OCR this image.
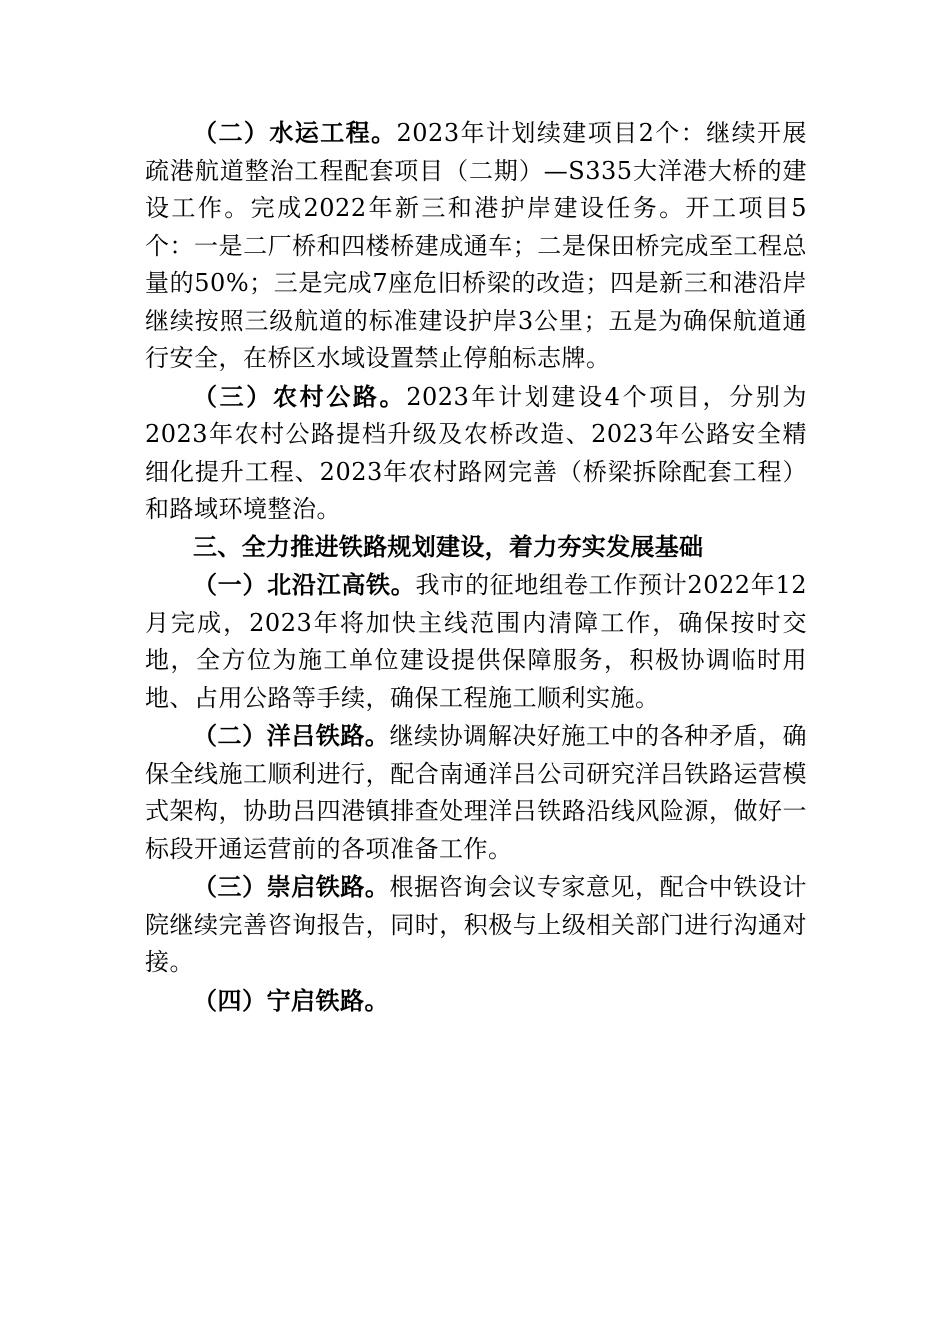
（二）水运工程。2023年计划续建项目2个：继续开展疏港航道整治工程配套项目（二期）—S335大洋港大桥的建设工作。完成2022年新三和港护岸建设任务。开工项目5个：一是二厂桥和四楼桥建成通车；二是保田桥完成至工程总量的50%；三是完成7座危旧桥梁的改造；四是新三和港沿岸继续按照三级航道的标准建设护岸3公里；五是为确保航道通行安全，在桥区水域设置禁止停舶标志牌。

（三）农村公路。2023年计划建设4个项目，分别为2023年农村公路提档升级及农桥改造、2023年公路安全精细化提升工程、2023年农村路网完善（桥梁拆除配套工程）和路域环境整治。

三、全力推进铁路规划建设，着力夯实发展基础

（一）北沿江高铁。我市的征地组卷工作预计2022年12月完成，2023年将加快主线范围内清障工作，确保按时交地，全方位为施工单位建设提供保障服务，积极协调临时用地、占用公路等手续，确保工程施工顺利实施。

（二）洋吕铁路。继续协调解决好施工中的各种矛盾，确保全线施工顺利进行，配合南通洋吕公司研究洋吕铁路运营模式架构，协助吕四港镇排查处理洋吕铁路沿线风险源，做好一标段开通运营前的各项准备工作。

（三）崇启铁路。根据咨询会议专家意见，配合中铁设计院继续完善咨询报告，同时，积极与上级相关部门进行沟通对接。

（四）宁启铁路。
